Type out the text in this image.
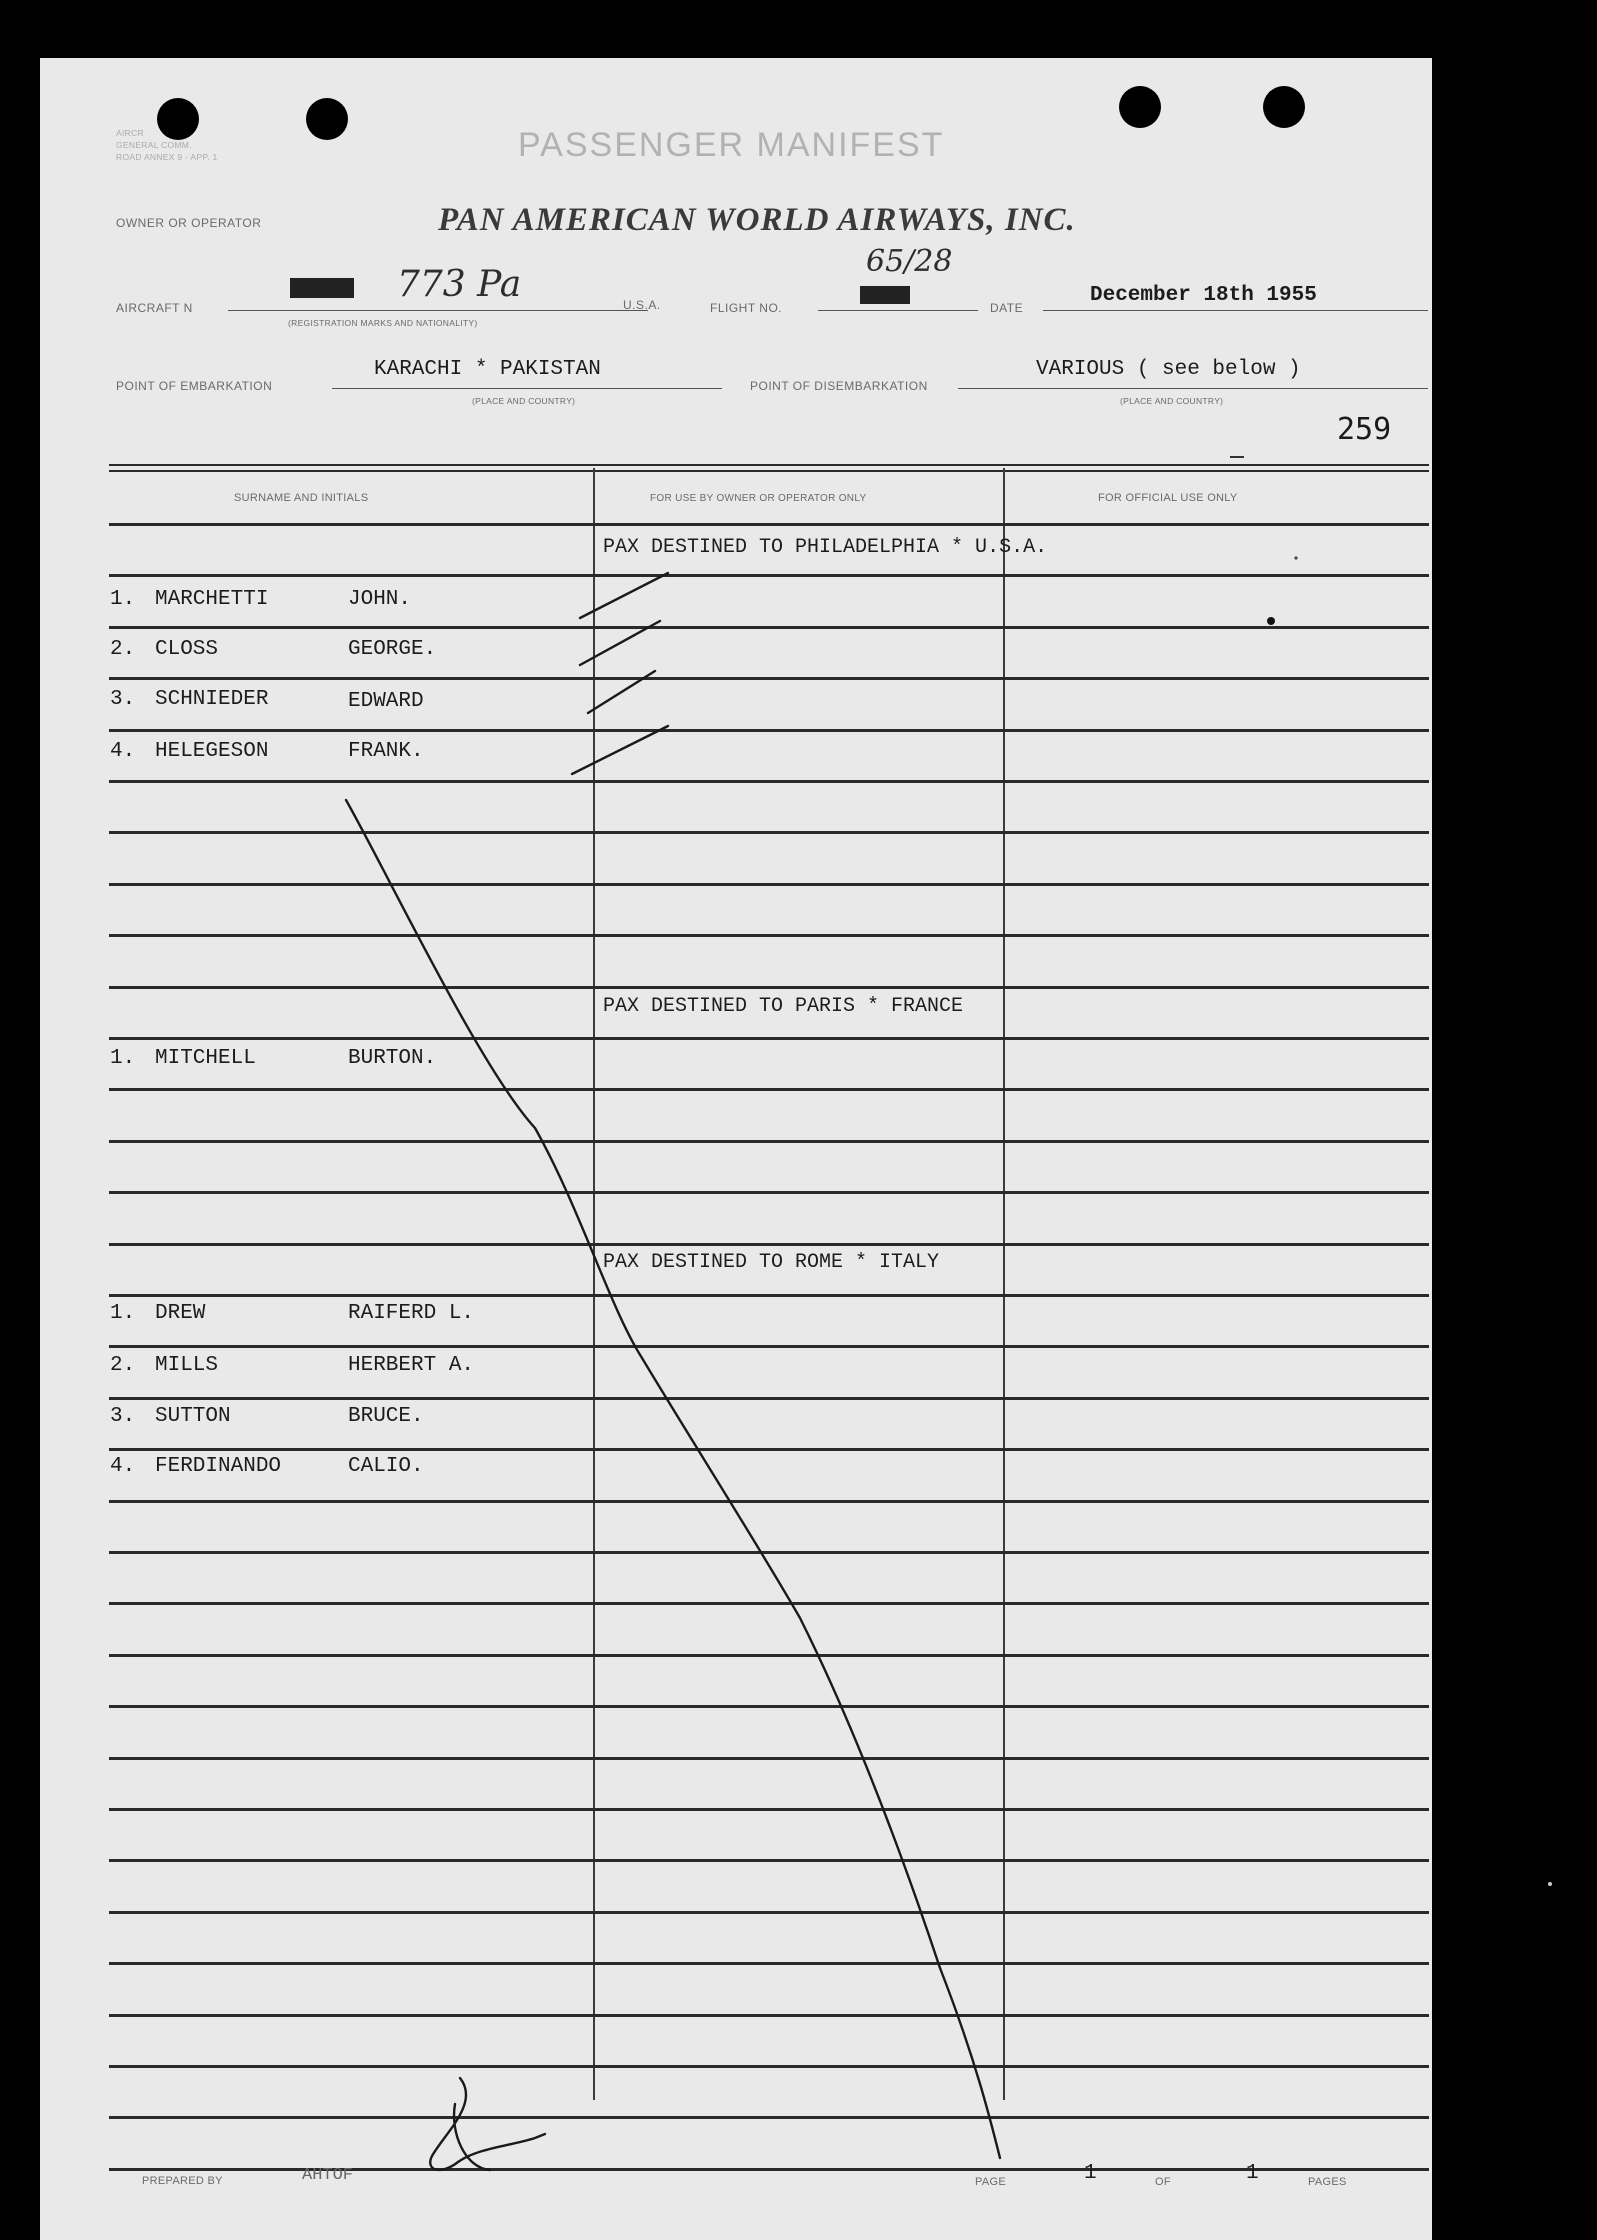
AIRCR
GENERAL COMM.
ROAD ANNEX 9 - APP. 1	PASSENGER MANIFEST
OWNER OR OPERATOR	PAN AMERICAN WORLD AIRWAYS, INC.
AIRCRAFT N
773 Pa
(REGISTRATION MARKS AND NATIONALITY)
U.S.A.	FLIGHT NO.
65/28
DATE
December 18th 1955
POINT OF EMBARKATION
KARACHI * PAKISTAN
(PLACE AND COUNTRY)
POINT OF DISEMBARKATION
VARIOUS ( see below )
(PLACE AND COUNTRY)
259
SURNAME AND INITIALS	FOR USE BY OWNER OR OPERATOR ONLY	FOR OFFICIAL USE ONLY
PAX DESTINED TO PHILADELPHIA * U.S.A.
1. MARCHETTI	JOHN.
2. CLOSS	GEORGE.
3. SCHNIEDER	EDWARD
4. HELEGESON	FRANK.
PAX DESTINED TO PARIS * FRANCE
1. MITCHELL	BURTON.
PAX DESTINED TO ROME * ITALY
1. DREW	RAIFERD L.
2. MILLS	HERBERT A.
3. SUTTON	BRUCE.
4. FERDINANDO	CALIO.
PREPARED BY	AHTOF	PAGE	1	OF	1	PAGES
